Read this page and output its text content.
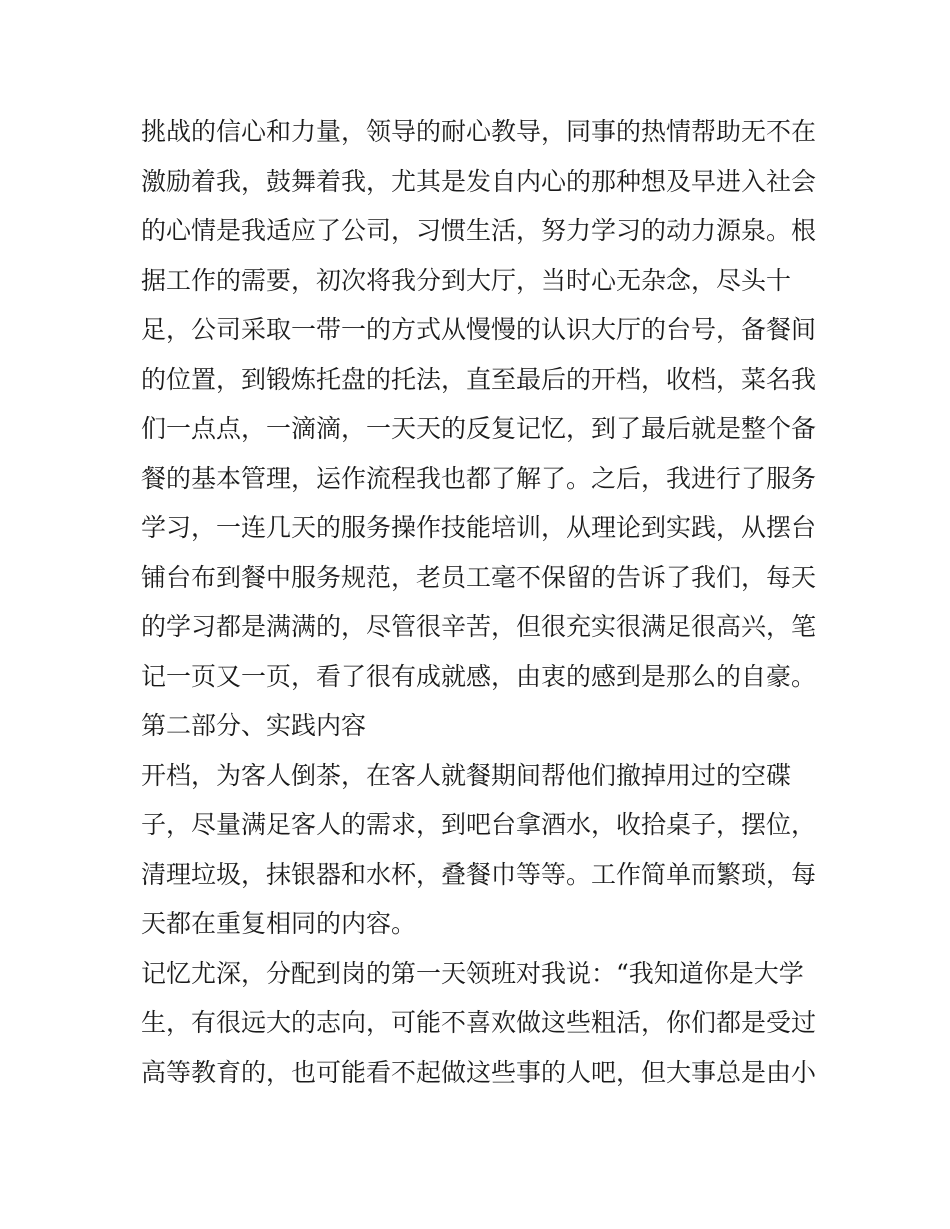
挑战的信心和力量，领导的耐心教导，同事的热情帮助无不在
激励着我，鼓舞着我，尤其是发自内心的那种想及早进入社会
的心情是我适应了公司，习惯生活，努力学习的动力源泉。根
据工作的需要，初次将我分到大厅，当时心无杂念，尽头十
足，公司采取一带一的方式从慢慢的认识大厅的台号，备餐间
的位置，到锻炼托盘的托法，直至最后的开档，收档，菜名我
们一点点，一滴滴，一天天的反复记忆，到了最后就是整个备
餐的基本管理，运作流程我也都了解了。之后，我进行了服务
学习，一连几天的服务操作技能培训，从理论到实践，从摆台
铺台布到餐中服务规范，老员工毫不保留的告诉了我们，每天
的学习都是满满的，尽管很辛苦，但很充实很满足很高兴，笔
记一页又一页，看了很有成就感，由衷的感到是那么的自豪。
第二部分、实践内容
开档，为客人倒茶，在客人就餐期间帮他们撤掉用过的空碟
子，尽量满足客人的需求，到吧台拿酒水，收拾桌子，摆位，
清理垃圾，抹银器和水杯，叠餐巾等等。工作简单而繁琐，每
天都在重复相同的内容。
记忆尤深，分配到岗的第一天领班对我说：“我知道你是大学
生，有很远大的志向，可能不喜欢做这些粗活，你们都是受过
高等教育的，也可能看不起做这些事的人吧，但大事总是由小
